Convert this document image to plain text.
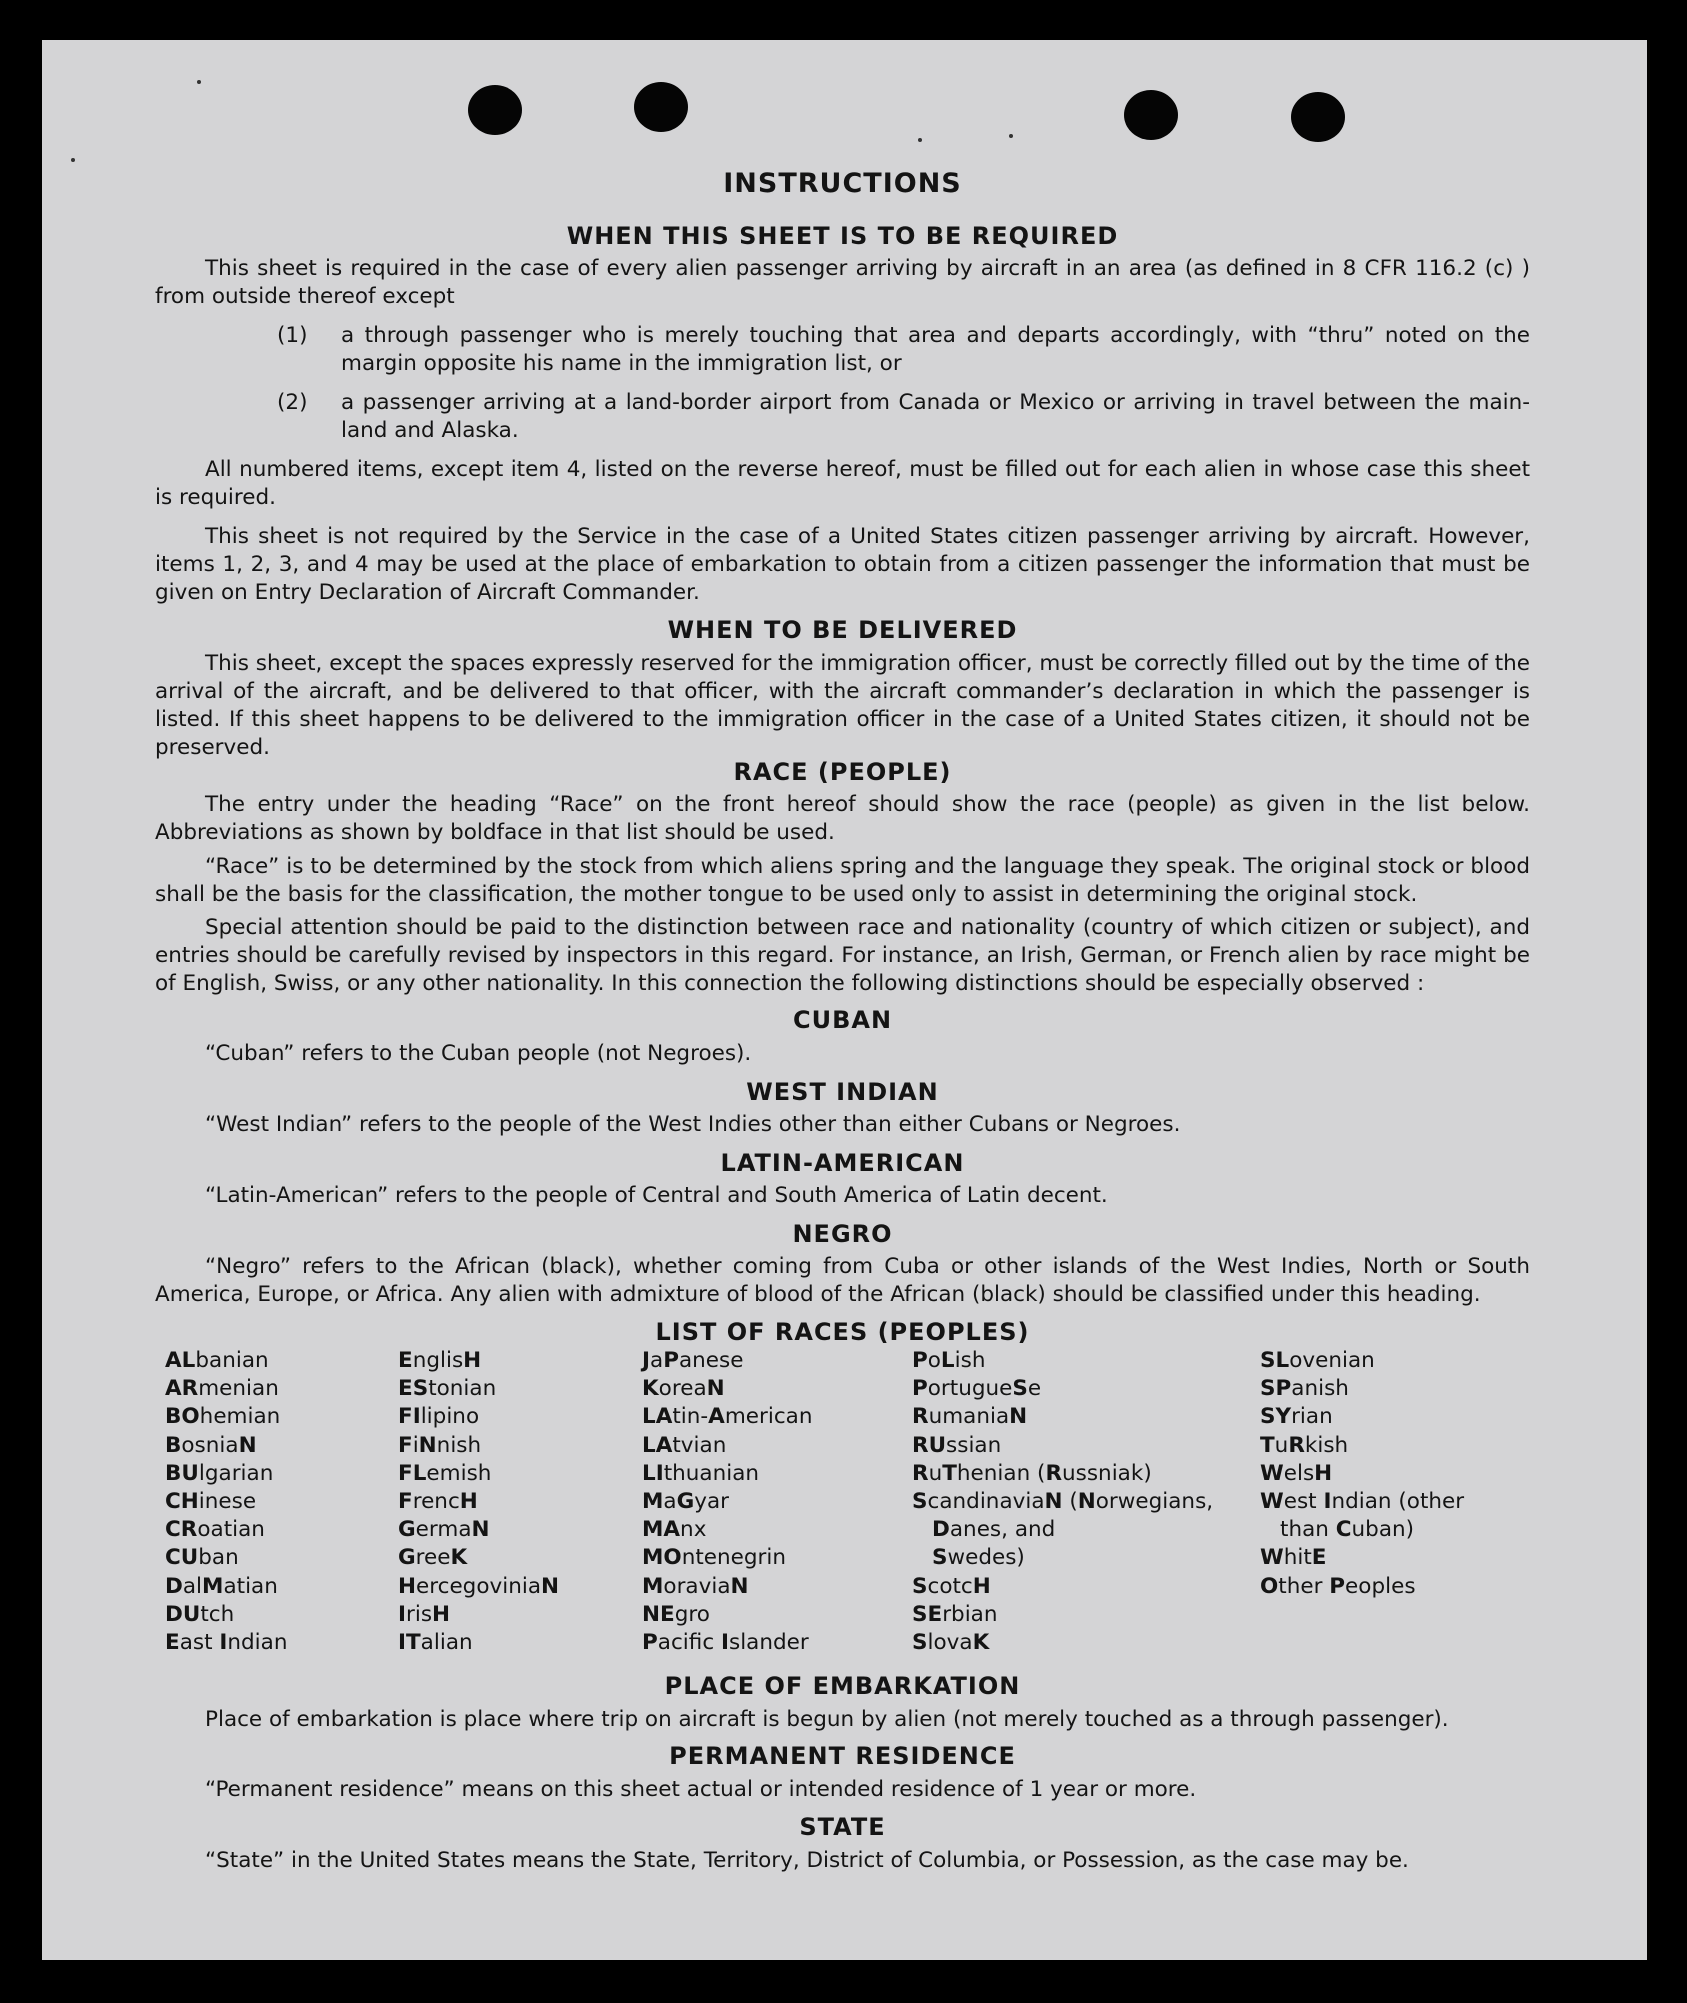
INSTRUCTIONS
WHEN THIS SHEET IS TO BE REQUIRED
This sheet is required in the case of every alien passenger arriving by aircraft in an area (as defined in 8 CFR 116.2 (c) ) from outside thereof except
(1) a through passenger who is merely touching that area and departs accordingly, with “thru” noted on the margin opposite his name in the immigration list, or
(2) a passenger arriving at a land-border airport from Canada or Mexico or arriving in travel between the main-land and Alaska.
All numbered items, except item 4, listed on the reverse hereof, must be filled out for each alien in whose case this sheet is required.
This sheet is not required by the Service in the case of a United States citizen passenger arriving by aircraft. However, items 1, 2, 3, and 4 may be used at the place of embarkation to obtain from a citizen passenger the information that must be given on Entry Declaration of Aircraft Commander.
WHEN TO BE DELIVERED
This sheet, except the spaces expressly reserved for the immigration officer, must be correctly filled out by the time of the arrival of the aircraft, and be delivered to that officer, with the aircraft commander’s declaration in which the passenger is listed. If this sheet happens to be delivered to the immigration officer in the case of a United States citizen, it should not be preserved.
RACE (PEOPLE)
The entry under the heading “Race” on the front hereof should show the race (people) as given in the list below. Abbreviations as shown by boldface in that list should be used.
“Race” is to be determined by the stock from which aliens spring and the language they speak. The original stock or blood shall be the basis for the classification, the mother tongue to be used only to assist in determining the original stock.
Special attention should be paid to the distinction between race and nationality (country of which citizen or subject), and entries should be carefully revised by inspectors in this regard. For instance, an Irish, German, or French alien by race might be of English, Swiss, or any other nationality. In this connection the following distinctions should be especially observed :
CUBAN
“Cuban” refers to the Cuban people (not Negroes).
WEST INDIAN
“West Indian” refers to the people of the West Indies other than either Cubans or Negroes.
LATIN-AMERICAN
“Latin-American” refers to the people of Central and South America of Latin decent.
NEGRO
“Negro” refers to the African (black), whether coming from Cuba or other islands of the West Indies, North or South America, Europe, or Africa. Any alien with admixture of blood of the African (black) should be classified under this heading.
LIST OF RACES (PEOPLES)
ALbanian
ARmenian
BOhemian
BosniaN
BUlgarian
CHinese
CRoatian
CUban
DalMatian
DUtch
East Indian
EnglisH
EStonian
FIlipino
FiNnish
FLemish
FrencH
GermaN
GreeK
HercegoviniaN
IrisH
ITalian
JaPanese
KoreaN
LAtin-American
LAtvian
LIthuanian
MaGyar
MAnx
MOntenegrin
MoraviaN
NEgro
Pacifc Islander
PoLish
PortugueSe
RumaniaN
RUssian
RuThenian (Russniak)
ScandinaviaN (Norwegians,
Danes, and
Swedes)
ScotcH
SErbian
SlovaK
SLovenian
SPanish
SYrian
TuRkish
WelsH
West Indian (other
than Cuban)
WhitE
Other Peoples
PLACE OF EMBARKATION
Place of embarkation is place where trip on aircraft is begun by alien (not merely touched as a through passenger).
PERMANENT RESIDENCE
“Permanent residence” means on this sheet actual or intended residence of 1 year or more.
STATE
“State” in the United States means the State, Territory, District of Columbia, or Possession, as the case may be.
